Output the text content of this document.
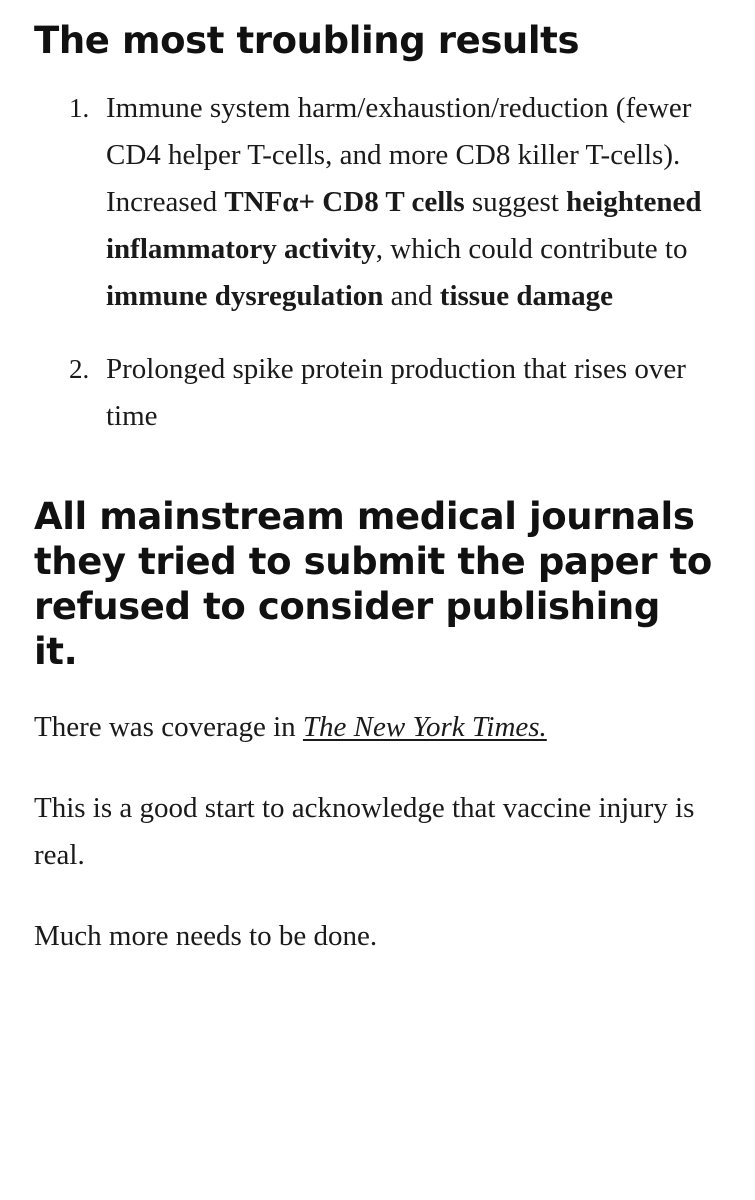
The most troubling results
1. Immune system harm/exhaustion/reduction (fewer CD4 helper T-cells, and more CD8 killer T-cells). Increased TNFα+ CD8 T cells suggest heightened inflammatory activity, which could contribute to immune dysregulation and tissue damage
2. Prolonged spike protein production that rises over time
All mainstream medical journals they tried to submit the paper to refused to consider publishing it.

There was coverage in The New York Times.

This is a good start to acknowledge that vaccine injury is real.

Much more needs to be done.
